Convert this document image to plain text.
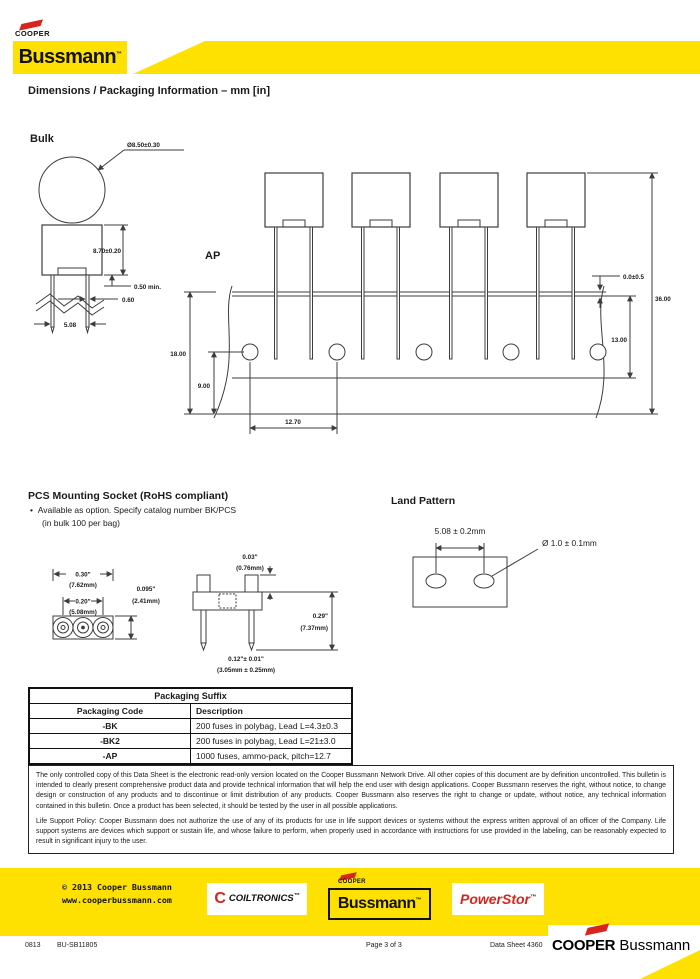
COOPER
Bussmann™
Dimensions / Packaging Information – mm [in]
Bulk
Ø8.50±0.30
8.70±0.20
0.50 min.
0.60
5.08
AP
0.0±0.5
36.00
13.00
18.00
9.00
12.70
PCS Mounting Socket (RoHS compliant)
• Available as option. Specify catalog number BK/PCS
(in bulk 100 per bag)
Land Pattern
0.30"
(7.62mm)
0.20"
(5.08mm)
0.095"
(2.41mm)
0.03"
(0.76mm)
0.29"
(7.37mm)
0.12"± 0.01"
(3.05mm ± 0.25mm)
5.08 ± 0.2mm
Ø 1.0 ± 0.1mm
Packaging Suffix	
Packaging Code	Description
-BK	200 fuses in polybag, Lead L=4.3±0.3
-BK2	200 fuses in polybag, Lead L=21±3.0
-AP	1000 fuses, ammo-pack, pitch=12.7

The only controlled copy of this Data Sheet is the electronic read-only version located on the Cooper Bussmann Network Drive. All other copies of this document are by definition uncontrolled. This bulletin is intended to clearly present comprehensive product data and provide technical information that will help the end user with design applications. Cooper Bussmann reserves the right, without notice, to change design or construction of any products and to discontinue or limit distribution of any products. Cooper Bussmann also reserves the right to change or update, without notice, any technical information contained in this bulletin. Once a product has been selected, it should be tested by the user in all possible applications.

Life Support Policy: Cooper Bussmann does not authorize the use of any of its products for use in life support devices or systems without the express written approval of an officer of the Company. Life support systems are devices which support or sustain life, and whose failure to perform, when properly used in accordance with instructions for use provided in the labeling, can be reasonably expected to result in significant injury to the user.

© 2013 Cooper Bussmann
www.cooperbussmann.com	C COILTRONICS™
COOPER
Bussmann™	PowerStor™
0813 BU-SB11805	Page 3 of 3	Data Sheet 4360 COOPER Bussmann
